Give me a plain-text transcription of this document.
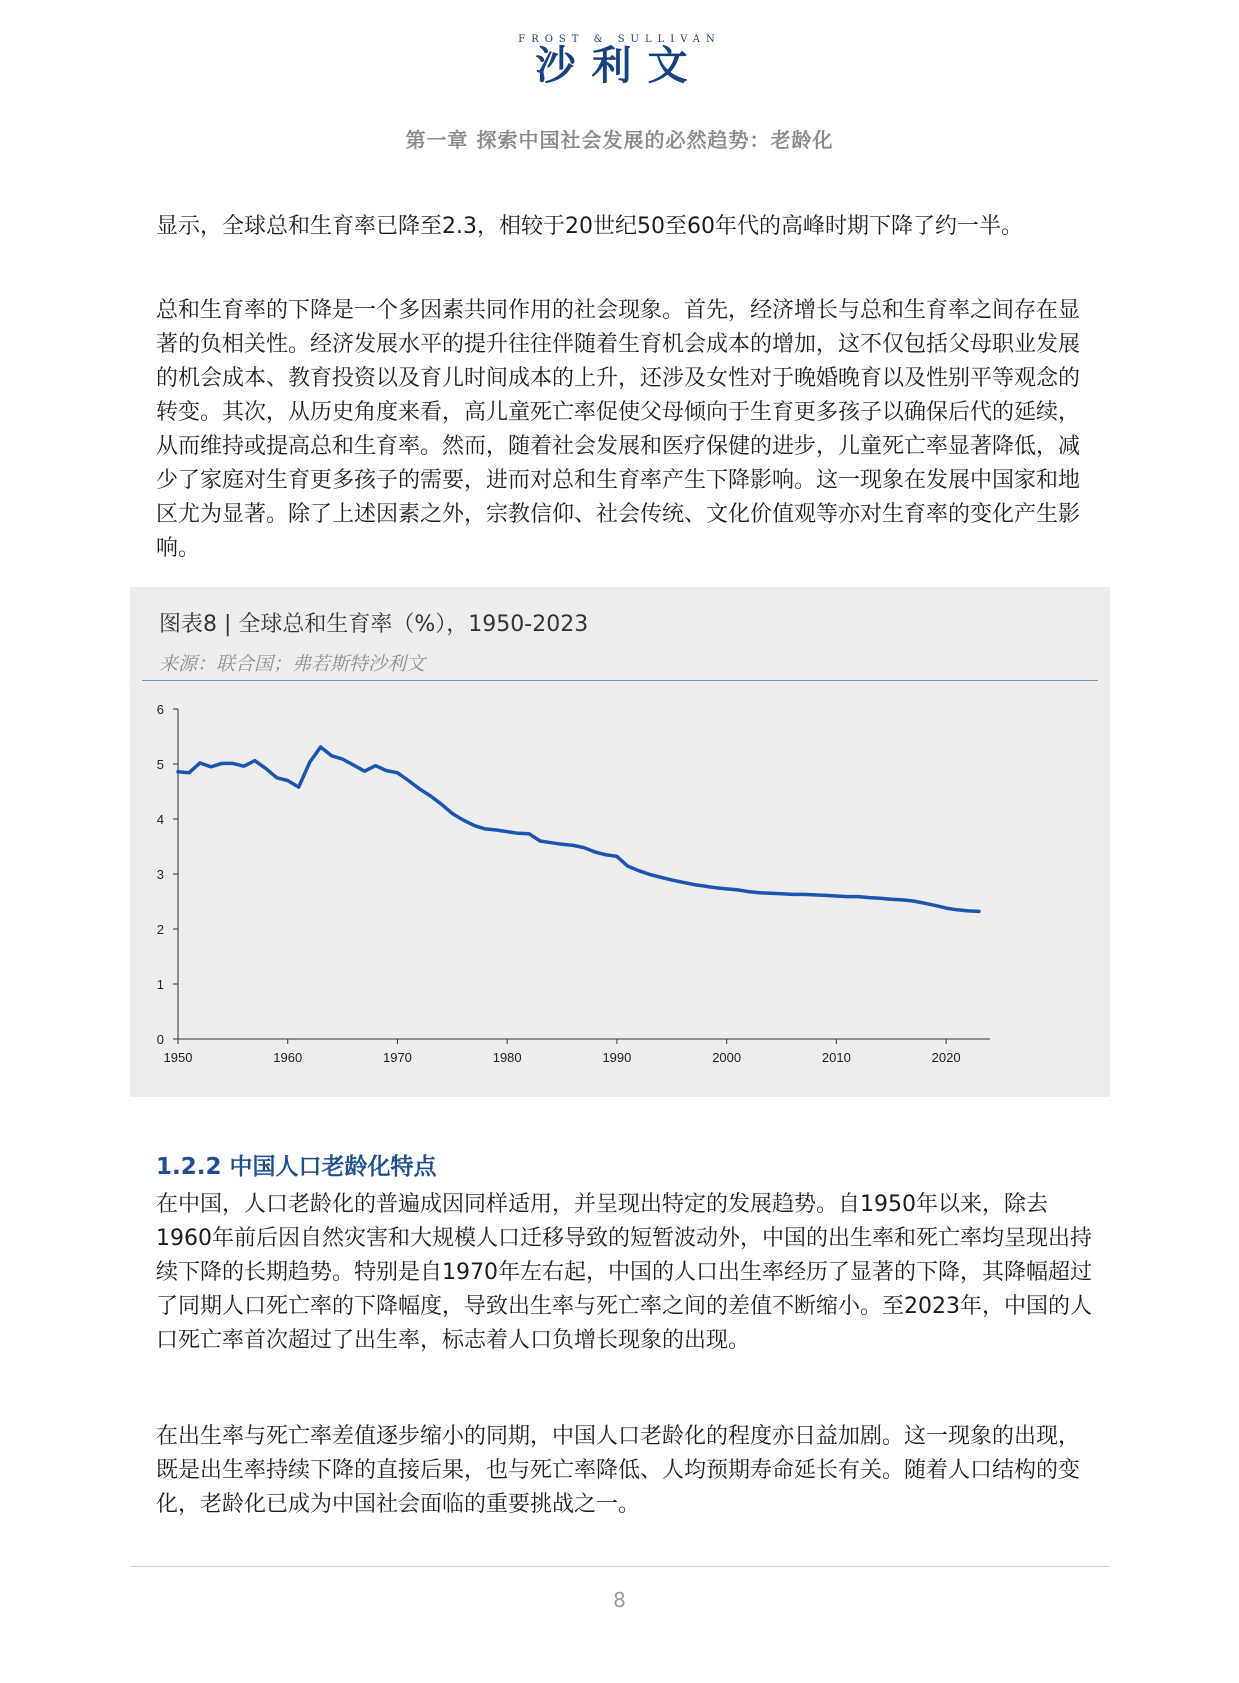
FROST & SULLIVAN
沙利文
第一章 探索中国社会发展的必然趋势：老龄化

显示，全球总和生育率已降至2.3，相较于20世纪50至60年代的高峰时期下降了约一半。

总和生育率的下降是一个多因素共同作用的社会现象。首先，经济增长与总和生育率之间存在显著的负相关性。经济发展水平的提升往往伴随着生育机会成本的增加，这不仅包括父母职业发展的机会成本、教育投资以及育儿时间成本的上升，还涉及女性对于晚婚晚育以及性别平等观念的转变。其次，从历史角度来看，高儿童死亡率促使父母倾向于生育更多孩子以确保后代的延续，从而维持或提高总和生育率。然而，随着社会发展和医疗保健的进步，儿童死亡率显著降低，减少了家庭对生育更多孩子的需要，进而对总和生育率产生下降影响。这一现象在发展中国家和地区尤为显著。除了上述因素之外，宗教信仰、社会传统、文化价值观等亦对生育率的变化产生影响。

图表8 | 全球总和生育率（%），1950-2023
来源：联合国；弗若斯特沙利文
0
1
2
3
4
5
6
1950	1960	1970	1980	1990	2000	2010	2020
1.2.2 中国人口老龄化特点

在中国，人口老龄化的普遍成因同样适用，并呈现出特定的发展趋势。自1950年以来，除去1960年前后因自然灾害和大规模人口迁移导致的短暂波动外，中国的出生率和死亡率均呈现出持续下降的长期趋势。特别是自1970年左右起，中国的人口出生率经历了显著的下降，其降幅超过了同期人口死亡率的下降幅度，导致出生率与死亡率之间的差值不断缩小。至2023年，中国的人口死亡率首次超过了出生率，标志着人口负增长现象的出现。

在出生率与死亡率差值逐步缩小的同期，中国人口老龄化的程度亦日益加剧。这一现象的出现，既是出生率持续下降的直接后果，也与死亡率降低、人均预期寿命延长有关。随着人口结构的变化，老龄化已成为中国社会面临的重要挑战之一。

8
